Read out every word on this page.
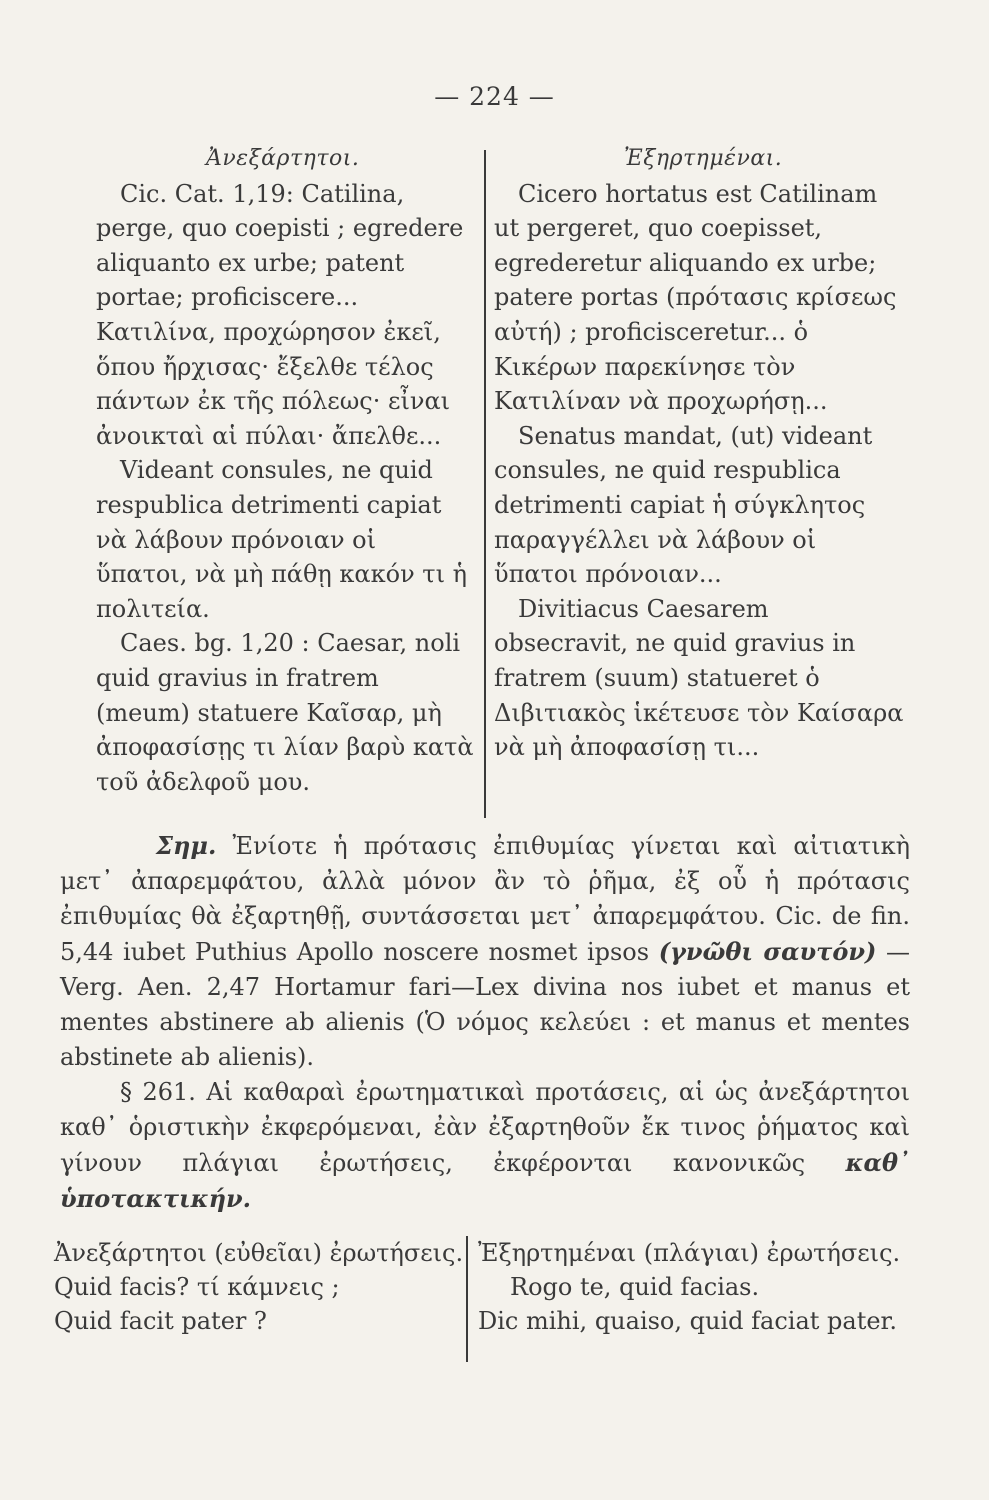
— 224 —

Ἀνεξάρτητοι.

Cic. Cat. 1,19: Catilina, perge, quo coepisti ; egredere aliquanto ex urbe; patent portae; proficiscere... Κατιλίνα, προχώρησον ἐκεῖ, ὅπου ἤρχισας· ἔξελθε τέλος πάντων ἐκ τῆς πόλεως· εἶναι ἀνοικταὶ αἱ πύλαι· ἄπελθε...

Videant consules, ne quid respublica detrimenti capiat νὰ λάβουν πρόνοιαν οἱ ὕπατοι, νὰ μὴ πάθῃ κακόν τι ἡ πολιτεία.

Caes. bg. 1,20 : Caesar, noli quid gravius in fratrem (meum) statuere Καῖσαρ, μὴ ἀποφασίσῃς τι λίαν βαρὺ κατὰ τοῦ ἀδελφοῦ μου.

Ἐξηρτημέναι.

Cicero hortatus est Catilinam ut pergeret, quo coepisset, egrederetur aliquando ex urbe; patere portas (πρότασις κρίσεως αὐτή) ; proficisceretur... ὁ Κικέρων παρεκίνησε τὸν Κατιλίναν νὰ προχωρήσῃ...

Senatus mandat, (ut) videant consules, ne quid respublica detrimenti capiat ἡ σύγκλητος παραγγέλλει νὰ λάβουν οἱ ὕπατοι πρόνοιαν...

Divitiacus Caesarem obsecravit, ne quid gravius in fratrem (suum) statueret ὁ Διβιτιακὸς ἱκέτευσε τὸν Καίσαρα νὰ μὴ ἀποφασίσῃ τι...

Σημ. Ἐνίοτε ἡ πρότασις ἐπιθυμίας γίνεται καὶ αἰτιατικὴ μετ᾽ ἀπαρεμφάτου, ἀλλὰ μόνον ἂν τὸ ῥῆμα, ἐξ οὗ ἡ πρότασις ἐπιθυμίας θὰ ἐξαρτηθῇ, συντάσσεται μετ᾽ ἀπαρεμφάτου. Cic. de fin. 5,44 iubet Puthius Apollo noscere nosmet ipsos (γνῶθι σαυτόν) —Verg. Aen. 2,47 Hortamur fari—Lex divina nos iubet et manus et mentes abstinere ab alienis (Ὁ νόμος κελεύει : et manus et mentes abstinete ab alienis).

§ 261. Αἱ καθαραὶ ἐρωτηματικαὶ προτάσεις, αἱ ὡς ἀνεξάρτητοι καθ᾽ ὁριστικὴν ἐκφερόμεναι, ἐὰν ἐξαρτηθοῦν ἔκ τινος ῥήματος καὶ γίνουν πλάγιαι ἐρωτήσεις, ἐκφέρονται κανονικῶς καθ᾽ ὑποτακτικήν.

Ἀνεξάρτητοι (εὐθεῖαι) ἐρωτήσεις.

Quid facis? τί κάμνεις ;

Quid facit pater ?

Ἐξηρτημέναι (πλάγιαι) ἐρωτήσεις.

Rogo te, quid facias.

Dic mihi, quaiso, quid faciat pater.
